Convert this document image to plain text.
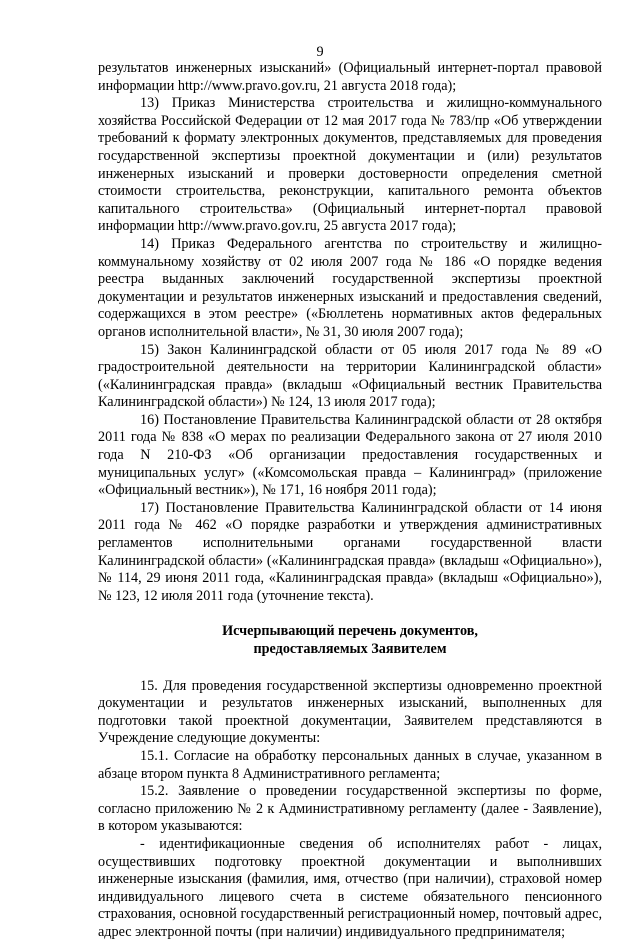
9

результатов инженерных изысканий» (Официальный интернет-портал правовой информации http://www.pravo.gov.ru, 21 августа 2018 года);

13) Приказ Министерства строительства и жилищно-коммунального хозяйства Российской Федерации от 12 мая 2017 года № 783/пр «Об утверждении требований к формату электронных документов, представляемых для проведения государственной экспертизы проектной документации и (или) результатов инженерных изысканий и проверки достоверности определения сметной стоимости строительства, реконструкции, капитального ремонта объектов капитального строительства» (Официальный интернет-портал правовой информации http://www.pravo.gov.ru, 25 августа 2017 года);

14) Приказ Федерального агентства по строительству и жилищно-коммунальному хозяйству от 02 июля 2007 года № 186 «О порядке ведения реестра выданных заключений государственной экспертизы проектной документации и результатов инженерных изысканий и предоставления сведений, содержащихся в этом реестре» («Бюллетень нормативных актов федеральных органов исполнительной власти», № 31, 30 июля 2007 года);

15) Закон Калининградской области от 05 июля 2017 года № 89 «О градостроительной деятельности на территории Калининградской области» («Калининградская правда» (вкладыш «Официальный вестник Правительства Калининградской области») № 124, 13 июля 2017 года);

16) Постановление Правительства Калининградской области от 28 октября 2011 года № 838 «О мерах по реализации Федерального закона от 27 июля 2010 года N 210-ФЗ «Об организации предоставления государственных и муниципальных услуг» («Комсомольская правда – Калининград» (приложение «Официальный вестник»), № 171, 16 ноября 2011 года);

17) Постановление Правительства Калининградской области от 14 июня 2011 года № 462 «О порядке разработки и утверждения административных регламентов исполнительными органами государственной власти Калининградской области» («Калининградская правда» (вкладыш «Официально»), № 114, 29 июня 2011 года, «Калининградская правда» (вкладыш «Официально»), № 123, 12 июля 2011 года (уточнение текста).

Исчерпывающий перечень документов,
предоставляемых Заявителем

15. Для проведения государственной экспертизы одновременно проектной документации и результатов инженерных изысканий, выполненных для подготовки такой проектной документации, Заявителем представляются в Учреждение следующие документы:

15.1. Согласие на обработку персональных данных в случае, указанном в абзаце втором пункта 8 Административного регламента;

15.2. Заявление о проведении государственной экспертизы по форме, согласно приложению № 2 к Административному регламенту (далее - Заявление), в котором указываются:

- идентификационные сведения об исполнителях работ - лицах, осуществивших подготовку проектной документации и выполнивших инженерные изыскания (фамилия, имя, отчество (при наличии), страховой номер индивидуального лицевого счета в системе обязательного пенсионного страхования, основной государственный регистрационный номер, почтовый адрес, адрес электронной почты (при наличии) индивидуального предпринимателя;
